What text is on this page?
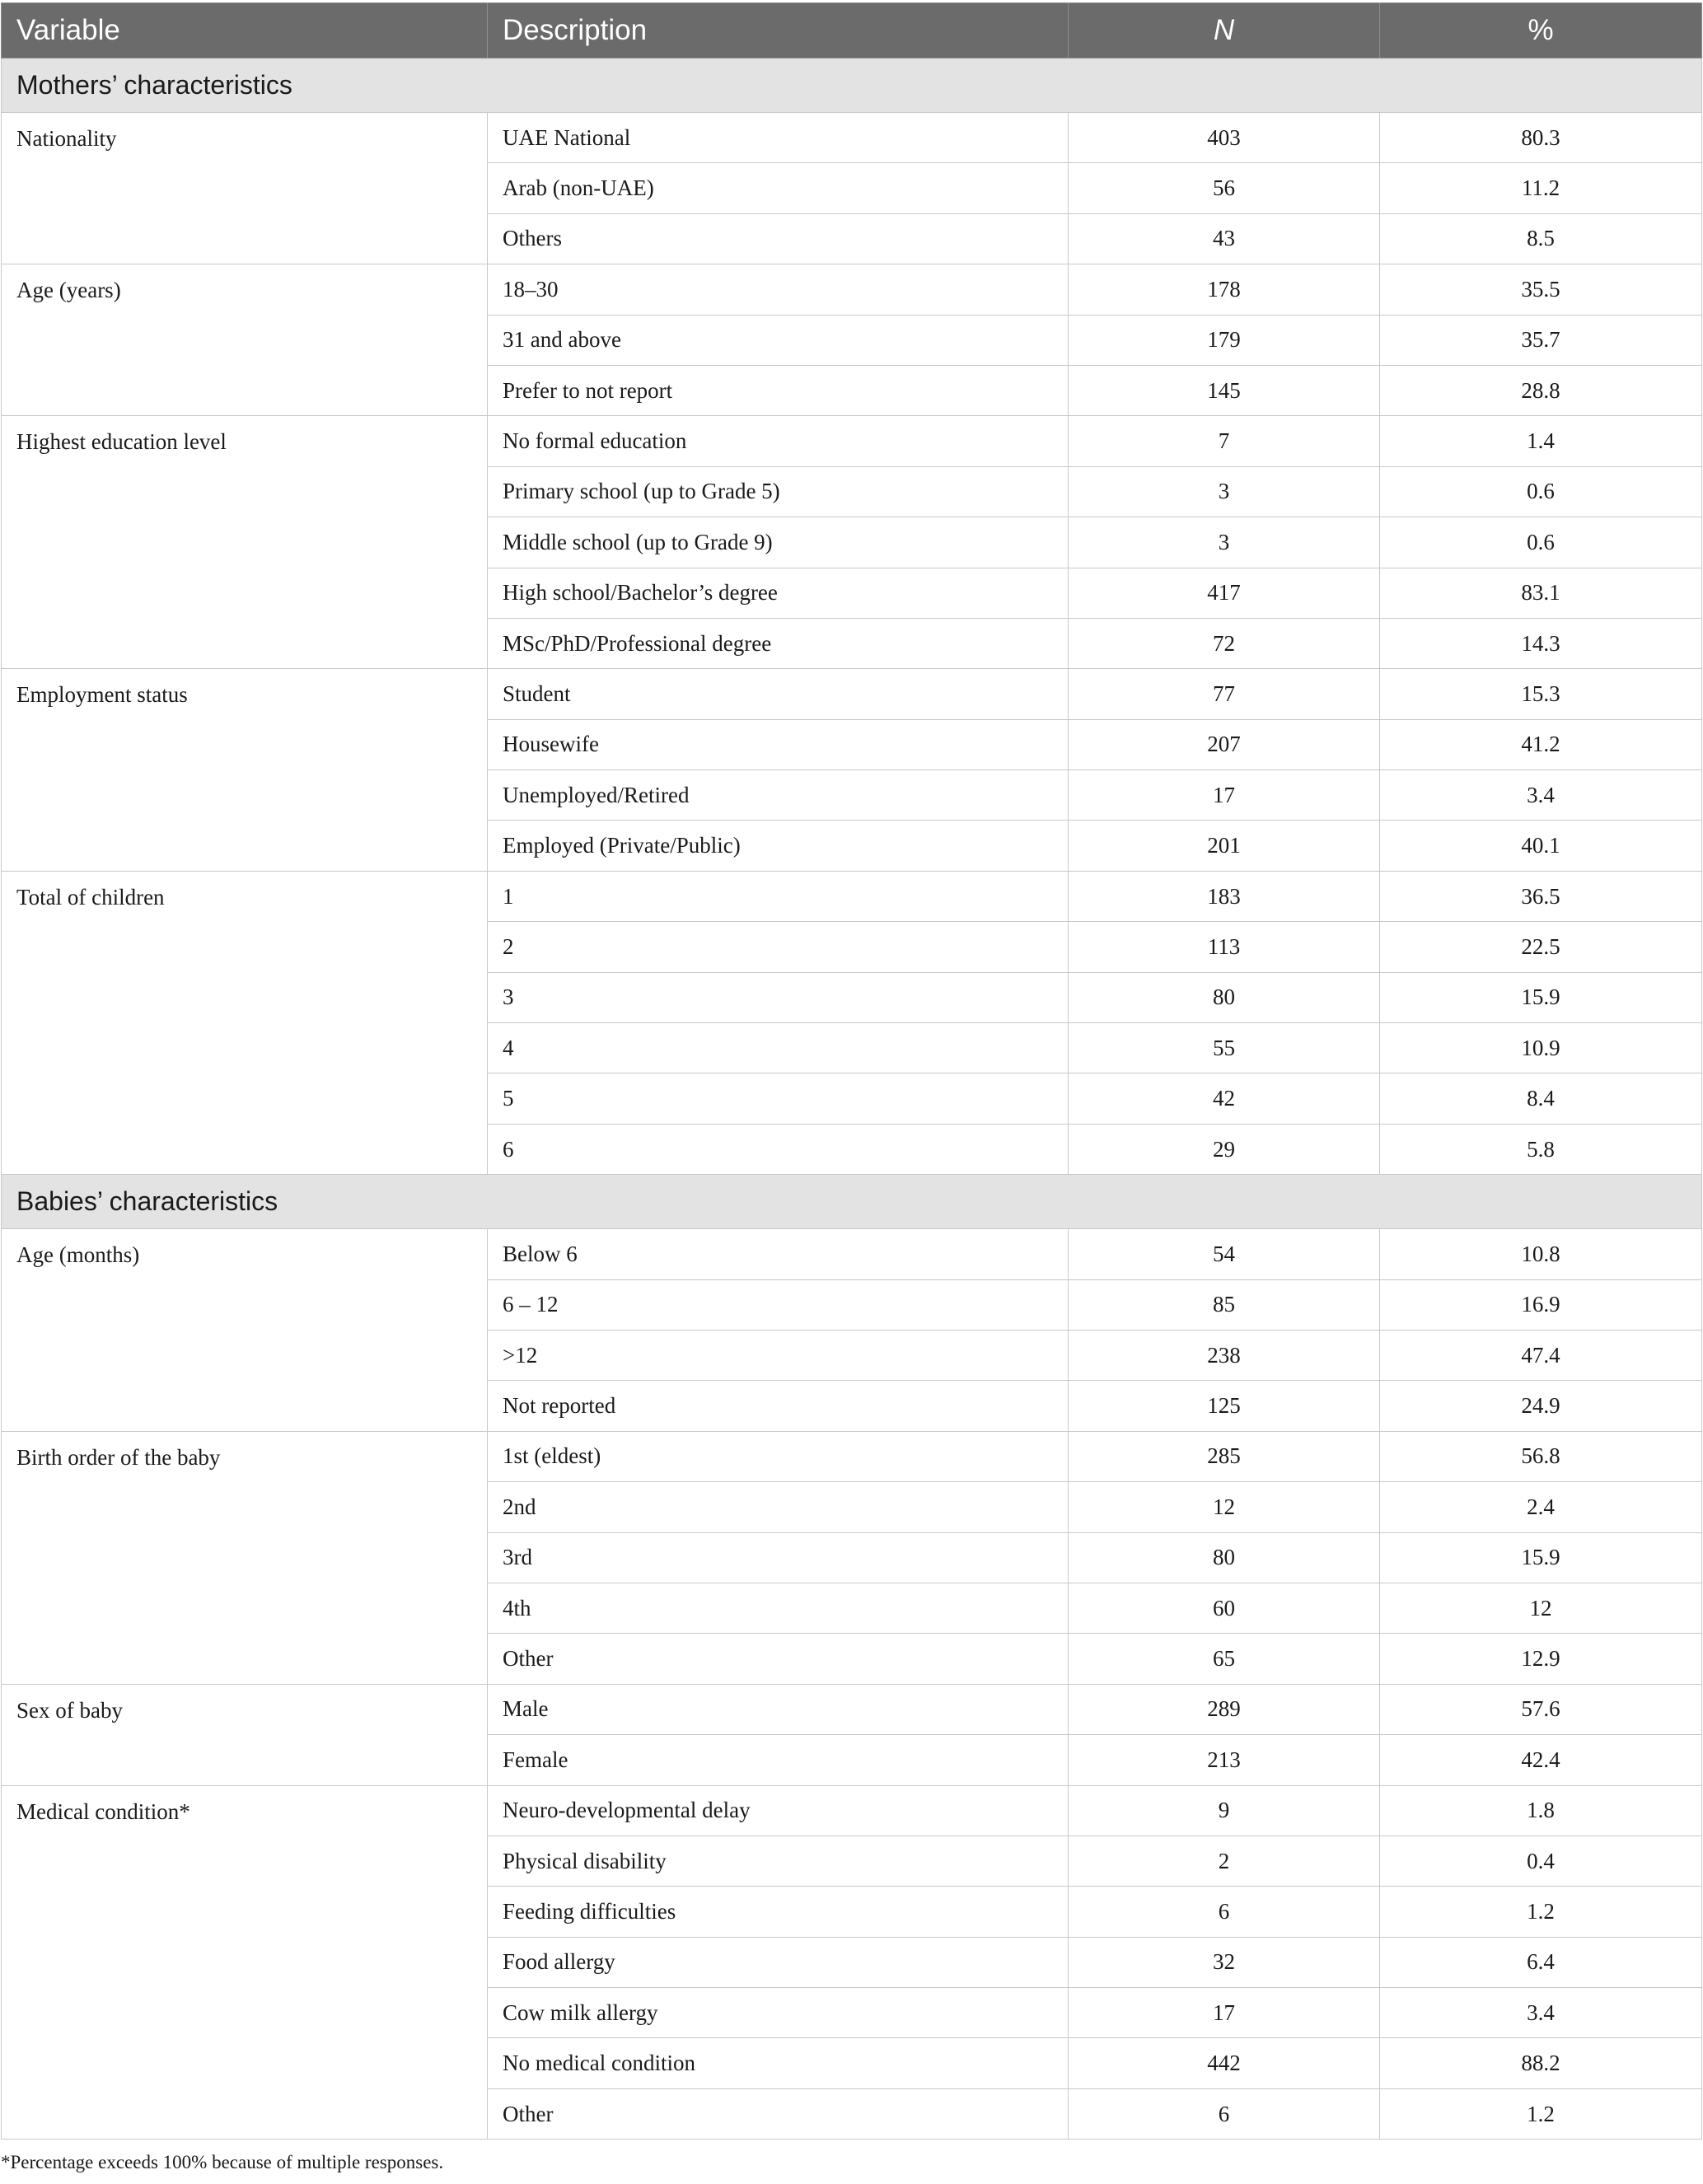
Variable	Description	N	%
Mothers’ characteristics			
Nationality	UAE National	403	80.3
	Arab (non-UAE)	56	11.2
	Others	43	8.5
Age (years)	18–30	178	35.5
	31 and above	179	35.7
	Prefer to not report	145	28.8
Highest education level	No formal education	7	1.4
	Primary school (up to Grade 5)	3	0.6
	Middle school (up to Grade 9)	3	0.6
	High school/Bachelor’s degree	417	83.1
	MSc/PhD/Professional degree	72	14.3
Employment status	Student	77	15.3
	Housewife	207	41.2
	Unemployed/Retired	17	3.4
	Employed (Private/Public)	201	40.1
Total of children	1	183	36.5
	2	113	22.5
	3	80	15.9
	4	55	10.9
	5	42	8.4
	6	29	5.8
Babies’ characteristics			
Age (months)	Below 6	54	10.8
	6 – 12	85	16.9
	>12	238	47.4
	Not reported	125	24.9
Birth order of the baby	1st (eldest)	285	56.8
	2nd	12	2.4
	3rd	80	15.9
	4th	60	12
	Other	65	12.9
Sex of baby	Male	289	57.6
	Female	213	42.4
Medical condition*	Neuro-developmental delay	9	1.8
	Physical disability	2	0.4
	Feeding difficulties	6	1.2
	Food allergy	32	6.4
	Cow milk allergy	17	3.4
	No medical condition	442	88.2
	Other	6	1.2
*Percentage exceeds 100% because of multiple responses.
